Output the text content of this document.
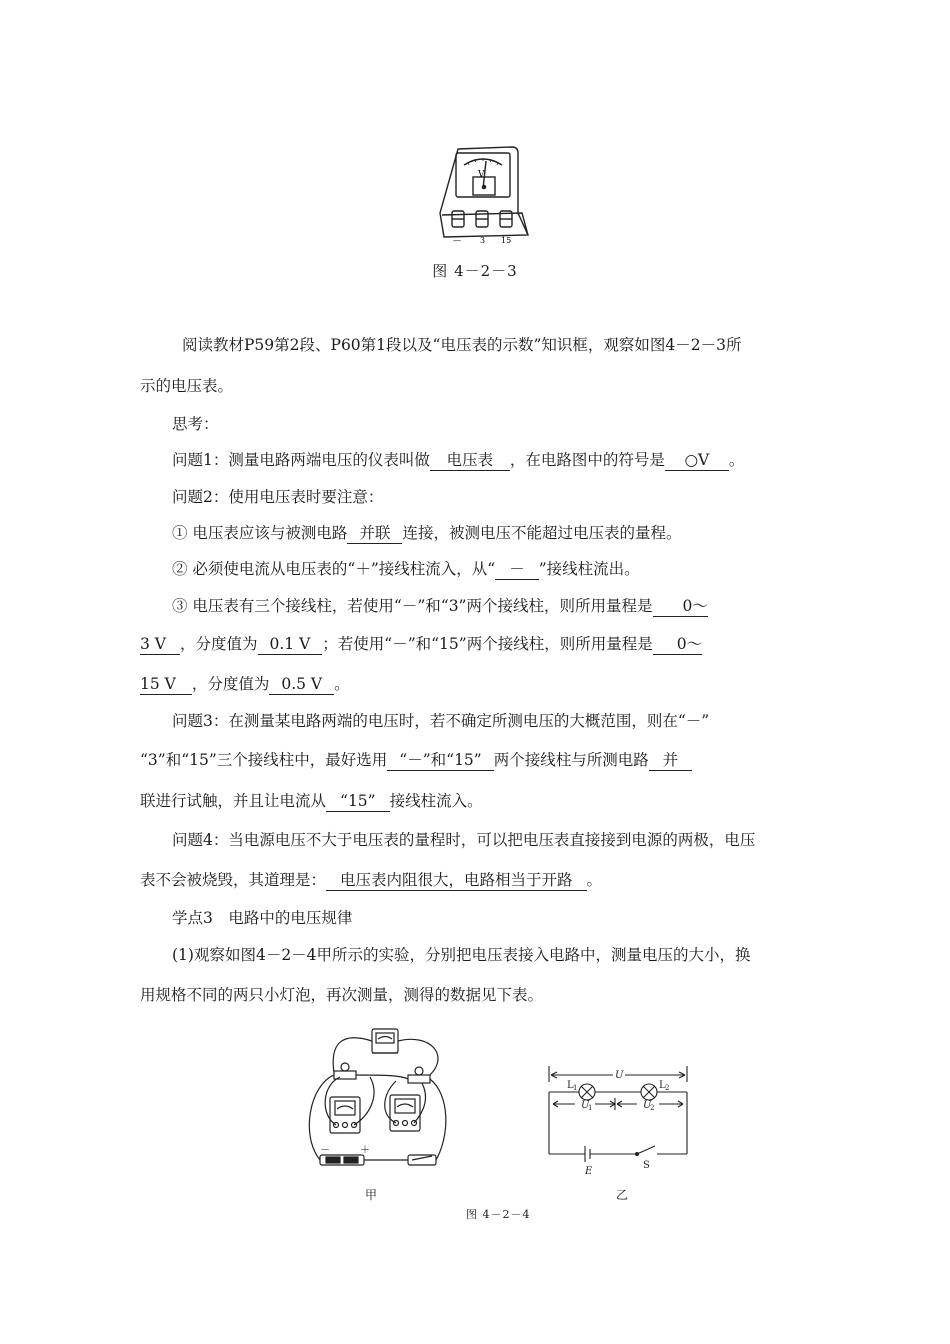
V
— 3 15
图 4－2－3
阅读教材P59第2段、P60第1段以及“电压表的示数”知识框，观察如图4－2－3所
示的电压表。
思考：
问题1：测量电路两端电压的仪表叫做 电压表 ，在电路图中的符号是 ○V 。
问题2：使用电压表时要注意：
① 电压表应该与被测电路 并联 连接，被测电压不能超过电压表的量程。
② 必须使电流从电压表的“＋”接线柱流入，从“ － ”接线柱流出。
③ 电压表有三个接线柱，若使用“－”和“3”两个接线柱，则所用量程是 0～
3 V ，分度值为 0.1 V ；若使用“－”和“15”两个接线柱，则所用量程是 0～
15 V ，分度值为 0.5 V 。
问题3：在测量某电路两端的电压时，若不确定所测电压的大概范围，则在“－”
“3”和“15”三个接线柱中，最好选用 “－”和“15” 两个接线柱与所测电路 并
联进行试触，并且让电流从 “15” 接线柱流入。
问题4：当电源电压不大于电压表的量程时，可以把电压表直接接到电源的两极，电压
表不会被烧毁，其道理是： 电压表内阻很大，电路相当于开路 。
学点3　电路中的电压规律
(1)观察如图4－2－4甲所示的实验，分别把电压表接入电路中，测量电压的大小，换
用规格不同的两只小灯泡，再次测量，测得的数据见下表。
－	＋
甲
U
L 1	L 2
U
1	U
2
E
S
乙
图 4－2－4
